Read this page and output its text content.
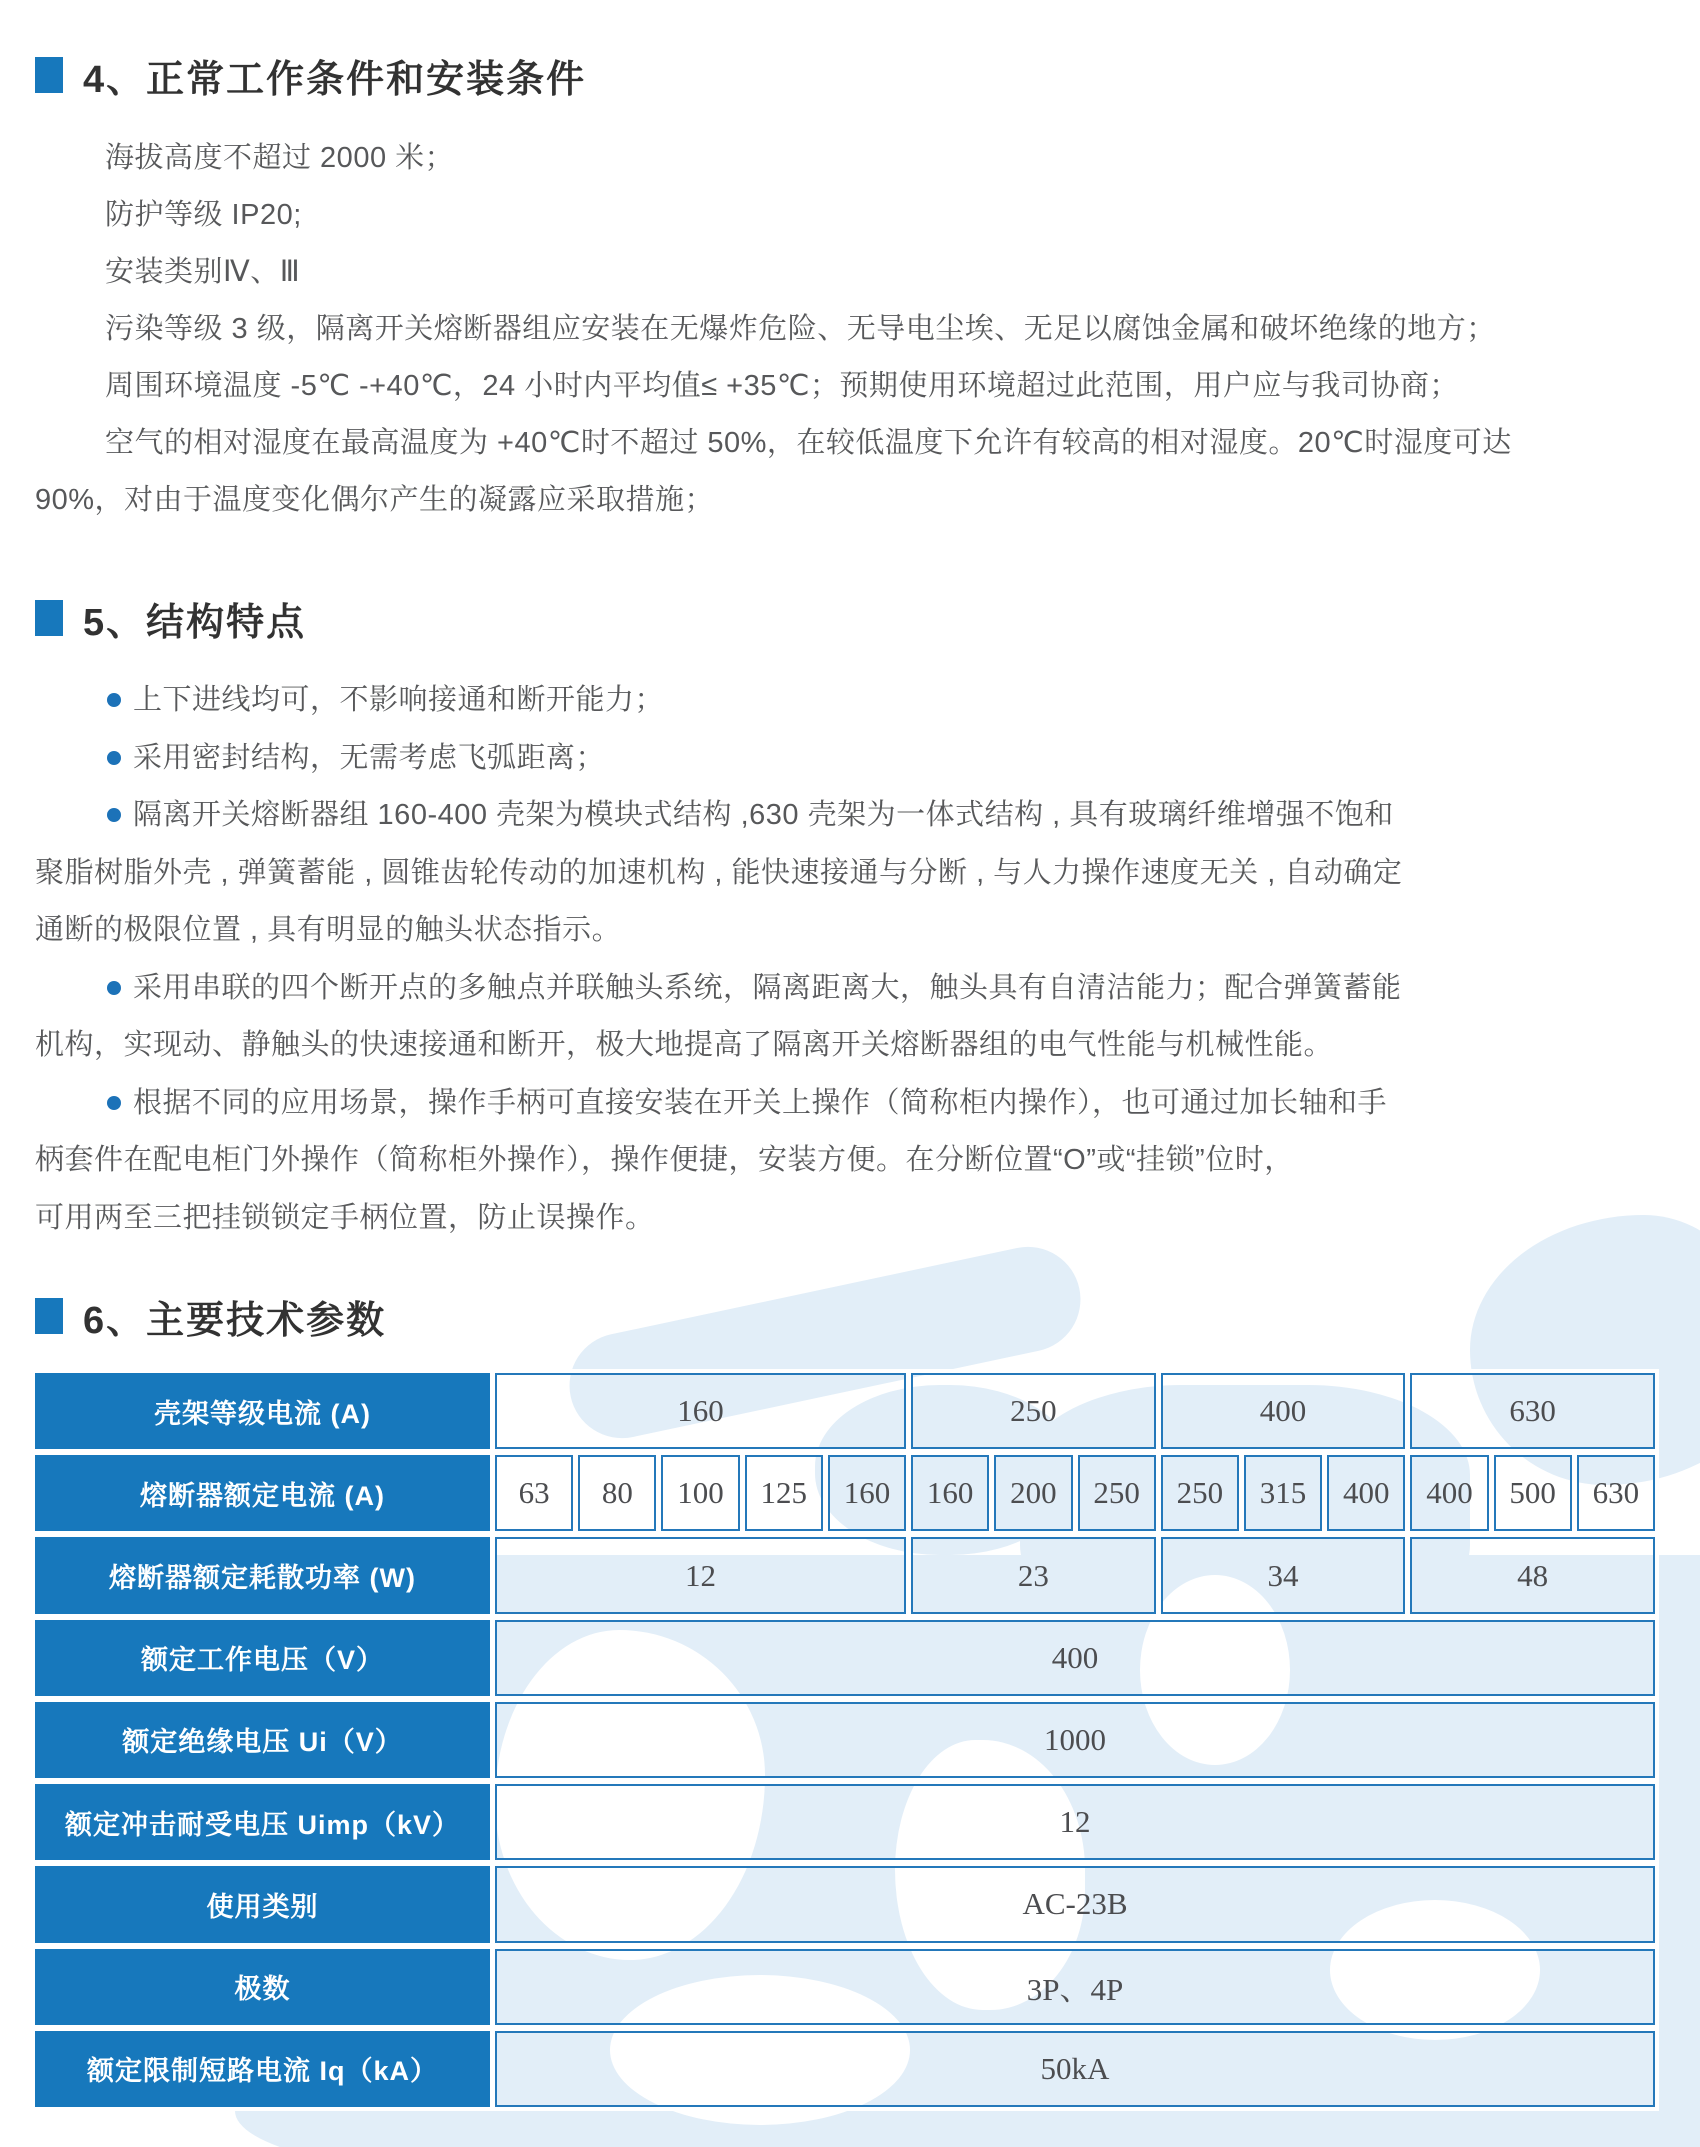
4、正常工作条件和安装条件
海拔高度不超过 2000 米；
防护等级 IP20;
安装类别Ⅳ、Ⅲ
污染等级 3 级，隔离开关熔断器组应安装在无爆炸危险、无导电尘埃、无足以腐蚀金属和破坏绝缘的地方；
周围环境温度 -5℃ -+40℃，24 小时内平均值≤ +35℃；预期使用环境超过此范围，用户应与我司协商；
空气的相对湿度在最高温度为 +40℃时不超过 50%，在较低温度下允许有较高的相对湿度。20℃时湿度可达
90%，对由于温度变化偶尔产生的凝露应采取措施；
5、结构特点
上下进线均可，不影响接通和断开能力；
采用密封结构，无需考虑飞弧距离；
隔离开关熔断器组 160-400 壳架为模块式结构 ,630 壳架为一体式结构 , 具有玻璃纤维增强不饱和
聚脂树脂外壳 , 弹簧蓄能 , 圆锥齿轮传动的加速机构 , 能快速接通与分断 , 与人力操作速度无关 , 自动确定
通断的极限位置 , 具有明显的触头状态指示。
采用串联的四个断开点的多触点并联触头系统，隔离距离大，触头具有自清洁能力；配合弹簧蓄能
机构，实现动、静触头的快速接通和断开，极大地提高了隔离开关熔断器组的电气性能与机械性能。
根据不同的应用场景，操作手柄可直接安装在开关上操作（简称柜内操作），也可通过加长轴和手
柄套件在配电柜门外操作（简称柜外操作），操作便捷，安装方便。在分断位置“O”或“挂锁”位时，
可用两至三把挂锁锁定手柄位置，防止误操作。
6、主要技术参数
壳架等级电流 (A)	160	250	400	630
熔断器额定电流 (A)	63	80	100	125	160	160	200	250	250	315	400	400	500	630
熔断器额定耗散功率 (W)	12	23	34	48
额定工作电压（V）	400
额定绝缘电压 Ui（V）	1000
额定冲击耐受电压 Uimp（kV）	12
使用类别	AC-23B
极数	3P、4P
额定限制短路电流 Iq（kA）	50kA
